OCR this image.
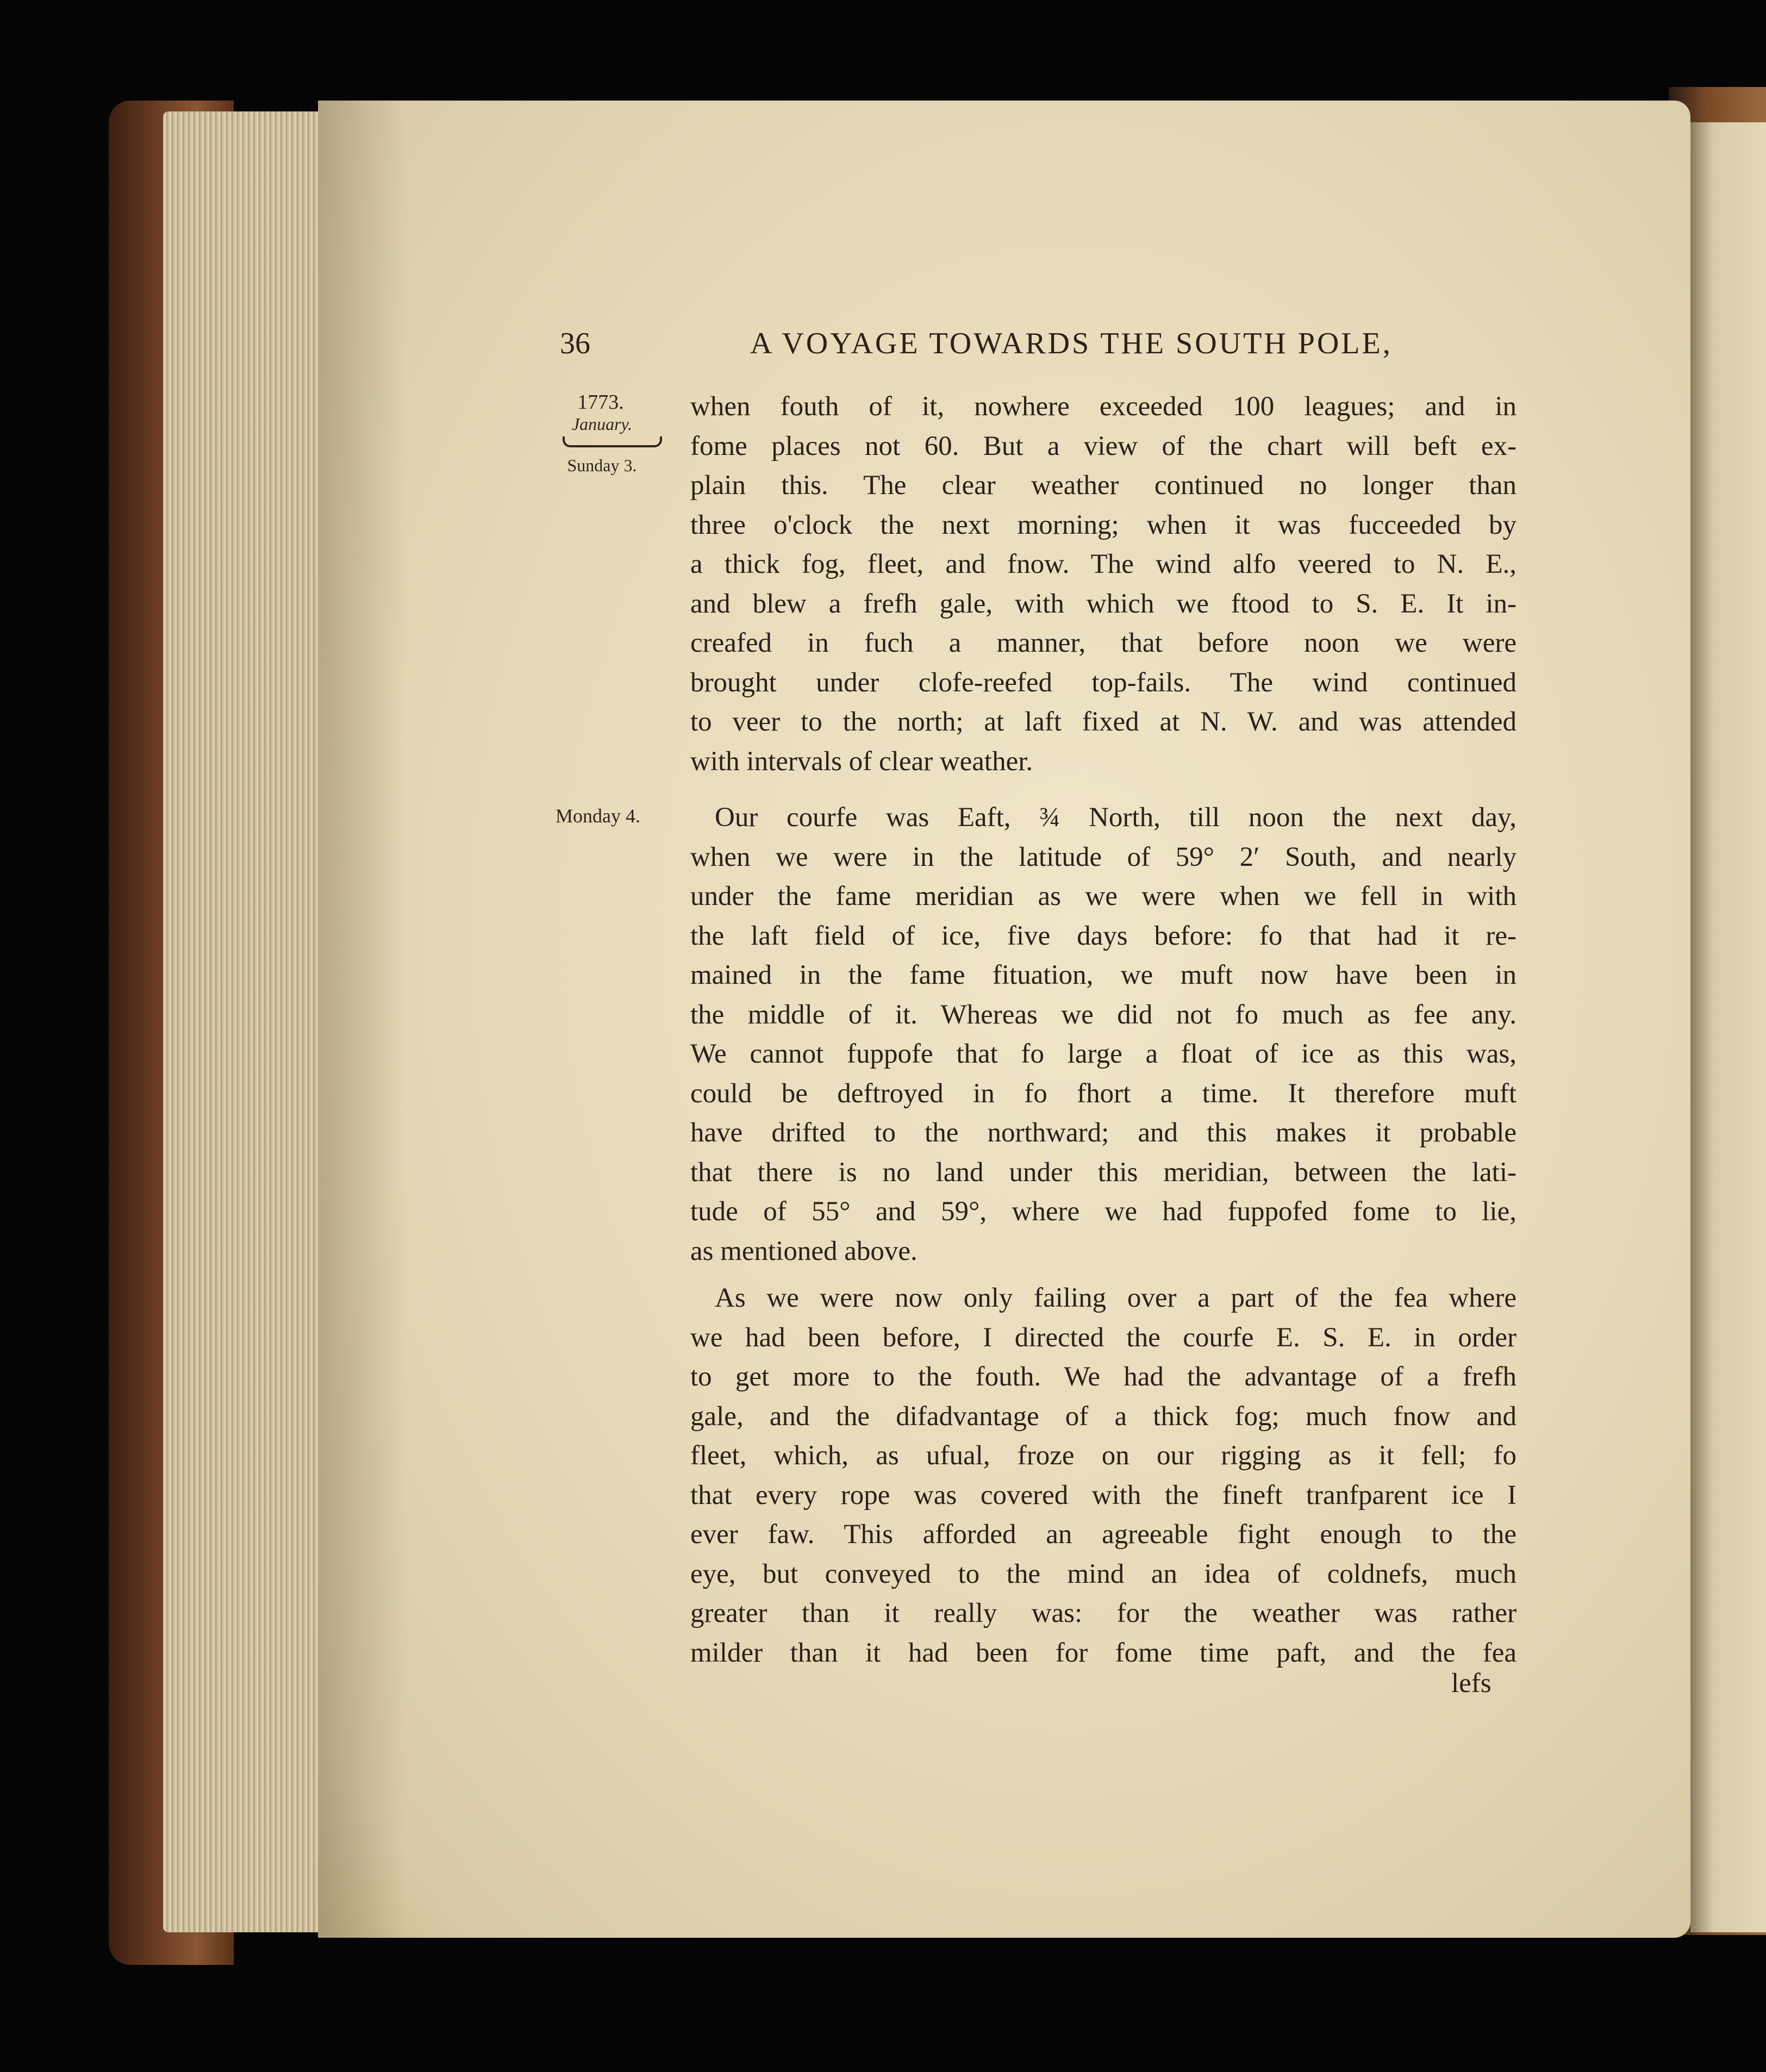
36	A VOYAGE TOWARDS THE SOUTH POLE,
1773.
January.
Sunday 3.
Monday 4.
when fouth of it, nowhere exceeded 100 leagues; and in
fome places not 60. But a view of the chart will beft ex-
plain this. The clear weather continued no longer than
three o'clock the next morning; when it was fucceeded by
a thick fog, fleet, and fnow. The wind alfo veered to N. E.,
and blew a frefh gale, with which we ftood to S. E. It in-
creafed in fuch a manner, that before noon we were
brought under clofe-reefed top-fails. The wind continued
to veer to the north; at laft fixed at N. W. and was attended
with intervals of clear weather.
Our courfe was Eaft, ¾ North, till noon the next day,
when we were in the latitude of 59° 2′ South, and nearly
under the fame meridian as we were when we fell in with
the laft field of ice, five days before: fo that had it re-
mained in the fame fituation, we muft now have been in
the middle of it. Whereas we did not fo much as fee any.
We cannot fuppofe that fo large a float of ice as this was,
could be deftroyed in fo fhort a time. It therefore muft
have drifted to the northward; and this makes it probable
that there is no land under this meridian, between the lati-
tude of 55° and 59°, where we had fuppofed fome to lie,
as mentioned above.
As we were now only failing over a part of the fea where
we had been before, I directed the courfe E. S. E. in order
to get more to the fouth. We had the advantage of a frefh
gale, and the difadvantage of a thick fog; much fnow and
fleet, which, as ufual, froze on our rigging as it fell; fo
that every rope was covered with the fineft tranfparent ice I
ever faw. This afforded an agreeable fight enough to the
eye, but conveyed to the mind an idea of coldnefs, much
greater than it really was: for the weather was rather
milder than it had been for fome time paft, and the fea
lefs
